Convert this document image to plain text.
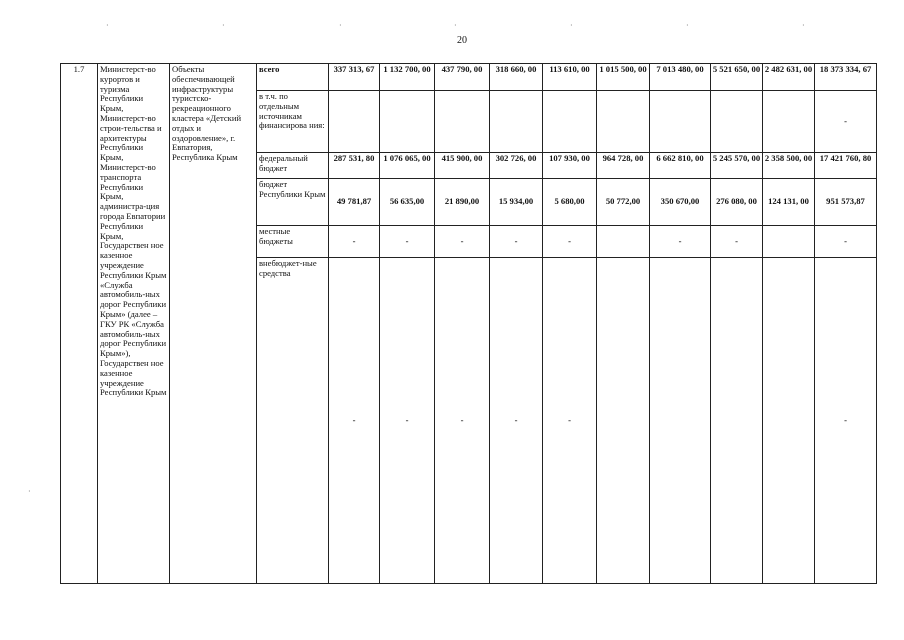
·	·	·	·	·	·	·
·
20
1.7	Министерст-во курортов и туризма Республики Крым, Министерст-во строи-тельства и архитектуры Республики Крым, Министерст-во транспорта Республики Крым, администра-ция города Евпатории Республики Крым, Государствен ное казенное учреждение Республики Крым «Служба автомобиль-ных дорог Республики Крым» (далее – ГКУ РК «Служба автомобиль-ных дорог Республики Крым»), Государствен ное казенное учреждение Республики Крым	Объекты обеспечивающей инфраструктуры туристско-рекреационного кластера «Детский отдых и оздоровление», г. Евпатория, Республика Крым	всего	337 313, 67	1 132 700, 00	437 790, 00	318 660, 00	113 610, 00	1 015 500, 00	7 013 480, 00	5 521 650, 00	2 482 631, 00	18 373 334, 67
			в т.ч. по отдельным источникам финансирова ния:										-
			федеральный бюджет	287 531, 80	1 076 065, 00	415 900, 00	302 726, 00	107 930, 00	964 728, 00	6 662 810, 00	5 245 570, 00	2 358 500, 00	17 421 760, 80
			бюджет Республики Крым	49 781,87	56 635,00	21 890,00	15 934,00	5 680,00	50 772,00	350 670,00	276 080, 00	124 131, 00	951 573,87
			местные бюджеты	-	-	-	-	-		-	-		-
			внебюджет-ные средства	-	-	-	-	-					-
